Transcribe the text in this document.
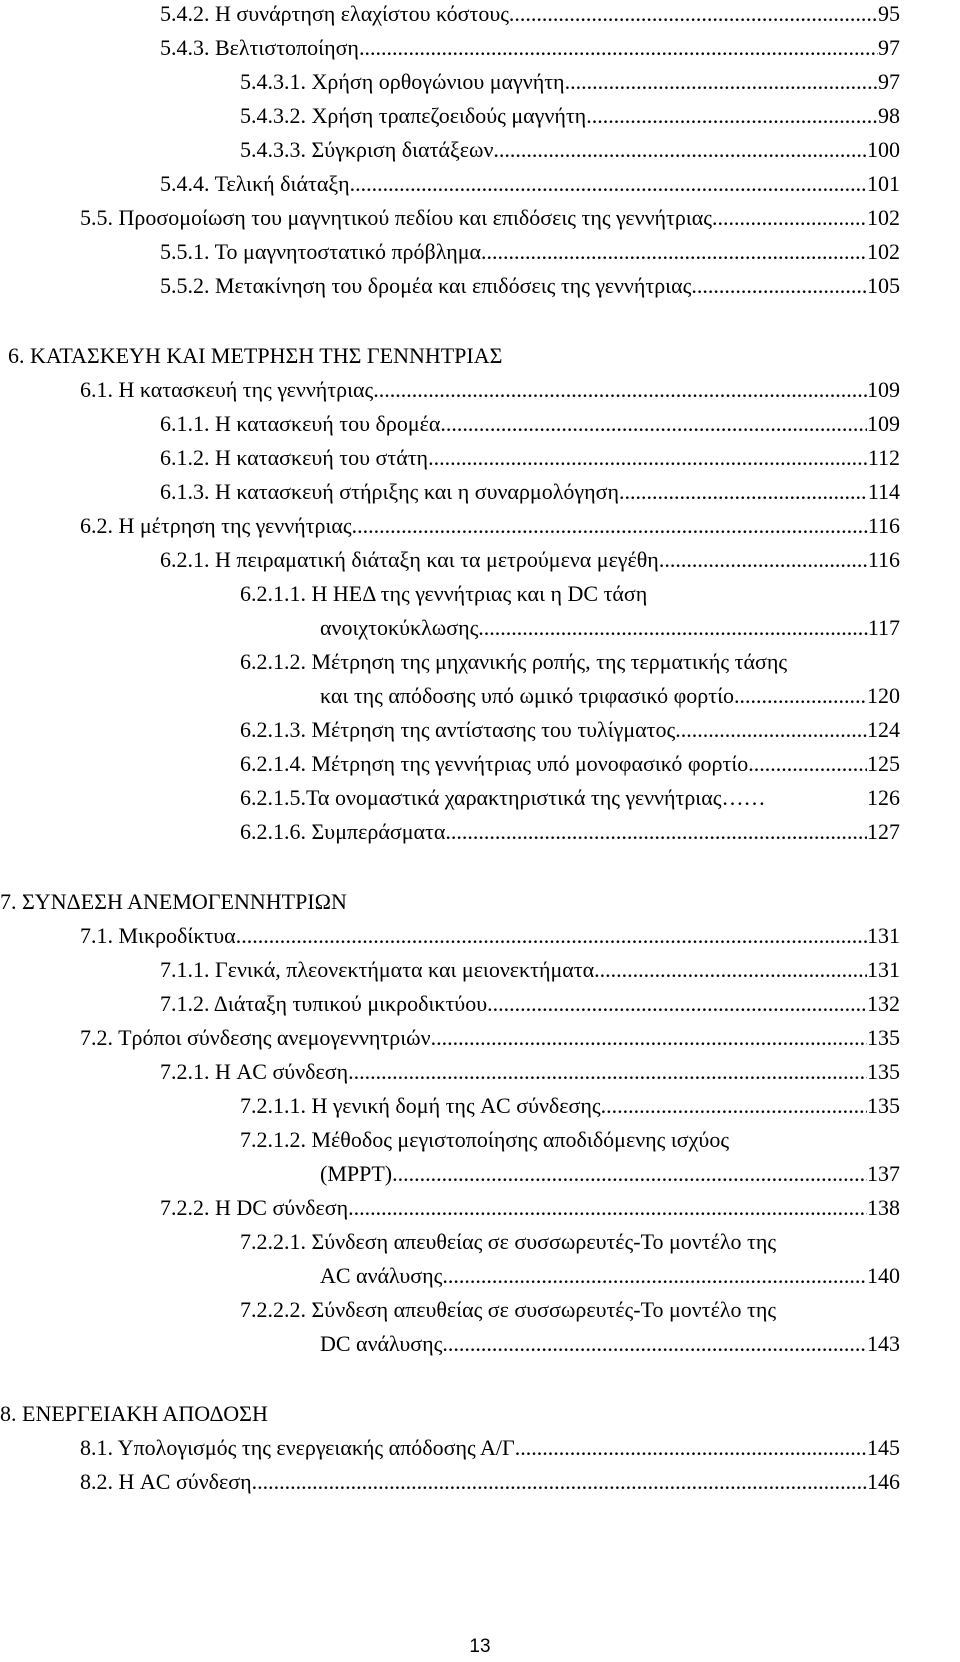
5.4.2. Η συνάρτηση ελαχίστου κόστους .....	95
5.4.3. Βελτιστοποίηση .....	97
5.4.3.1. Χρήση ορθογώνιου μαγνήτη .....	97
5.4.3.2. Χρήση τραπεζοειδούς μαγνήτη .....	98
5.4.3.3. Σύγκριση διατάξεων .....	100
5.4.4. Τελική διάταξη .....	101
5.5. Προσομοίωση του μαγνητικού πεδίου και επιδόσεις της γεννήτριας .....	102
5.5.1. Το μαγνητοστατικό πρόβλημα .....	102
5.5.2. Μετακίνηση του δρομέα και επιδόσεις της γεννήτριας .....	105
6. ΚΑΤΑΣΚΕΥΗ ΚΑΙ ΜΕΤΡΗΣΗ ΤΗΣ ΓΕΝΝΗΤΡΙΑΣ
6.1. Η κατασκευή της γεννήτριας .....	109
6.1.1. Η κατασκευή του δρομέα .....	109
6.1.2. Η κατασκευή του στάτη .....	112
6.1.3. Η κατασκευή στήριξης και η συναρμολόγηση .....	114
6.2. Η μέτρηση της γεννήτριας .....	116
6.2.1. Η πειραματική διάταξη και τα μετρούμενα μεγέθη .....	116
6.2.1.1. Η ΗΕΔ της γεννήτριας και η DC τάση
ανοιχτοκύκλωσης .....	117
6.2.1.2. Μέτρηση της μηχανικής ροπής, της τερματικής τάσης
και της απόδοσης υπό ωμικό τριφασικό φορτίο .....	120
6.2.1.3. Μέτρηση της αντίστασης του τυλίγματος .....	124
6.2.1.4. Μέτρηση της γεννήτριας υπό μονοφασικό φορτίο .....	125
6.2.1.5.Τα ονομαστικά χαρακτηριστικά της γεννήτριας ……	126
6.2.1.6. Συμπεράσματα .....	127
7. ΣΥΝΔΕΣΗ ΑΝΕΜΟΓΕΝΝΗΤΡΙΩΝ
7.1. Μικροδίκτυα .....	131
7.1.1. Γενικά, πλεονεκτήματα και μειονεκτήματα .....	131
7.1.2. Διάταξη τυπικού μικροδικτύου .....	132
7.2. Τρόποι σύνδεσης ανεμογεννητριών .....	135
7.2.1. Η AC σύνδεση .....	135
7.2.1.1. Η γενική δομή της AC σύνδεσης .....	135
7.2.1.2. Μέθοδος μεγιστοποίησης αποδιδόμενης ισχύος
(MPPT) .....	137
7.2.2. Η DC σύνδεση .....	138
7.2.2.1. Σύνδεση απευθείας σε συσσωρευτές-Το μοντέλο της
AC ανάλυσης .....	140
7.2.2.2. Σύνδεση απευθείας σε συσσωρευτές-Το μοντέλο της
DC ανάλυσης .....	143
8. ΕΝΕΡΓΕΙΑΚΗ ΑΠΟΔΟΣΗ
8.1. Υπολογισμός της ενεργειακής απόδοσης Α/Γ .....	145
8.2. Η AC σύνδεση .....	146
13
